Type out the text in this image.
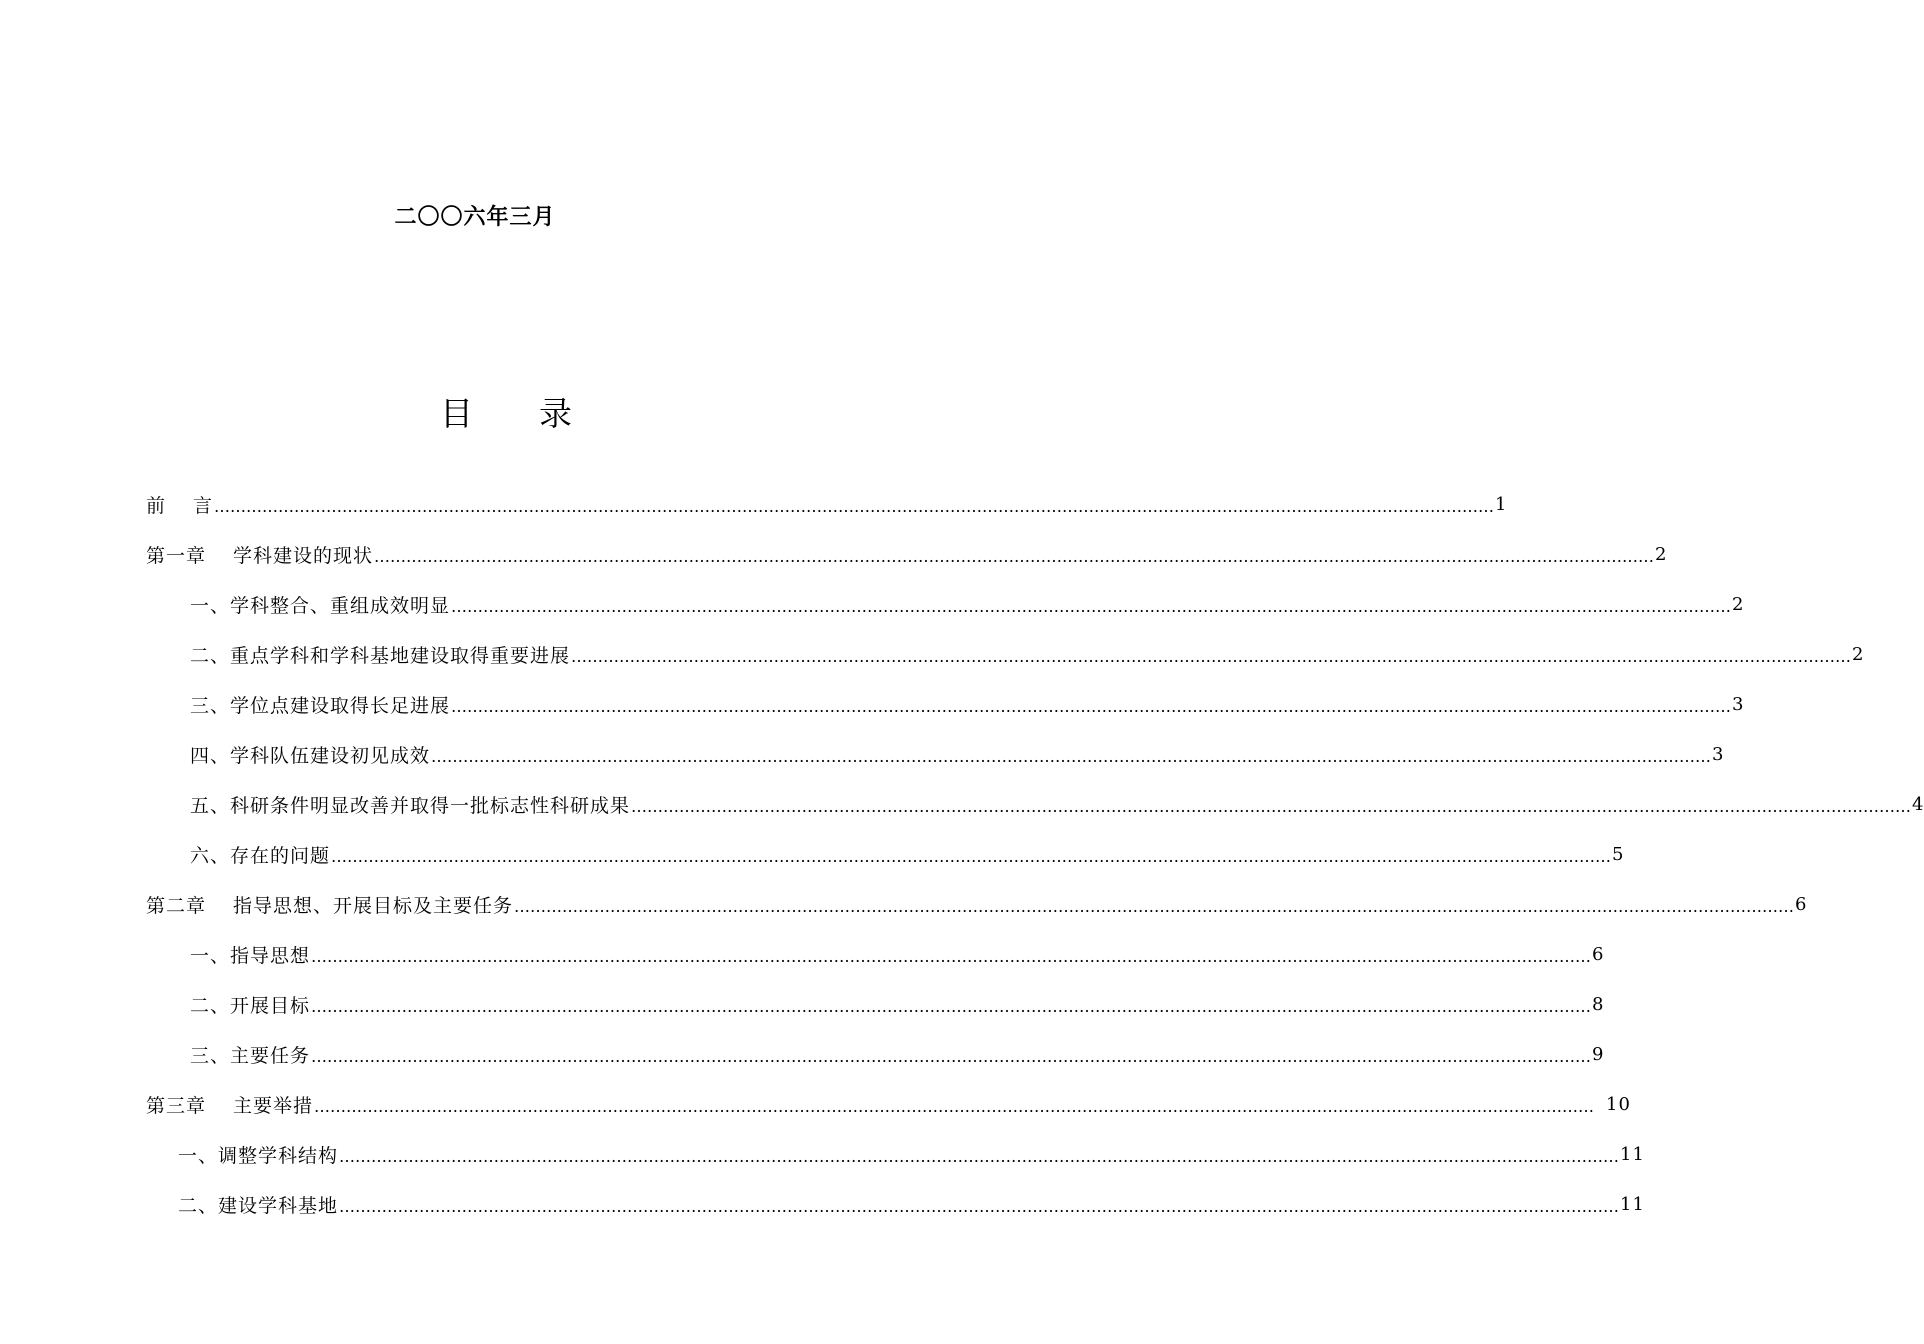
二〇〇六年三月
目 录
前　 言 …………………………………………………………………………………………………………………………………………………………………………………………………………………… 1
第一章　 学科建设的现状 …………………………………………………………………………………………………………………………………………………………………………………………………………………… 2
一、学科整合、重组成效明显 …………………………………………………………………………………………………………………………………………………………………………………………………………………… 2
二、重点学科和学科基地建设取得重要进展 …………………………………………………………………………………………………………………………………………………………………………………………………………………… 2
三、学位点建设取得长足进展 …………………………………………………………………………………………………………………………………………………………………………………………………………………… 3
四、学科队伍建设初见成效 …………………………………………………………………………………………………………………………………………………………………………………………………………………… 3
五、科研条件明显改善并取得一批标志性科研成果 …………………………………………………………………………………………………………………………………………………………………………………………………………………… 4
六、存在的问题 …………………………………………………………………………………………………………………………………………………………………………………………………………………… 5
第二章　 指导思想、开展目标及主要任务 …………………………………………………………………………………………………………………………………………………………………………………………………………………… 6
一、指导思想 …………………………………………………………………………………………………………………………………………………………………………………………………………………… 6
二、开展目标 …………………………………………………………………………………………………………………………………………………………………………………………………………………… 8
三、主要任务 …………………………………………………………………………………………………………………………………………………………………………………………………………………… 9
第三章　 主要举措 …………………………………………………………………………………………………………………………………………………………………………………………………………………… 10
一、调整学科结构 …………………………………………………………………………………………………………………………………………………………………………………………………………………… 11
二、建设学科基地 …………………………………………………………………………………………………………………………………………………………………………………………………………………… 11
